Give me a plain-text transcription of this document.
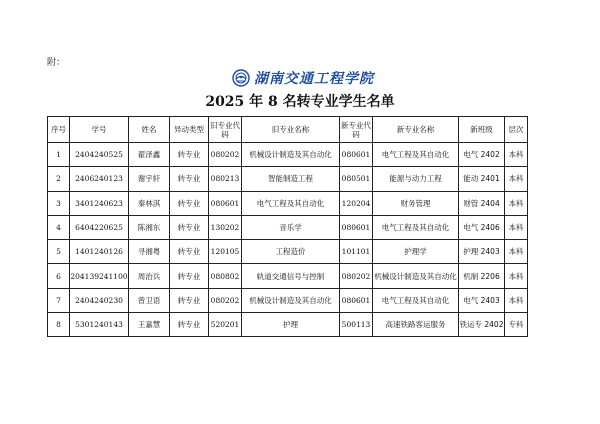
附：
湖南交通工程学院
2025 年 8 名转专业学生名单
序号	学号	姓名	异动类型	旧专业代码	旧专业名称	新专业代码	新专业名称	新班级	层次
1	2404240525	翟泽鑫	转专业	080202	机械设计制造及其自动化	080601	电气工程及其自动化	电气 2402	本科
2	2406240123	谢宇轩	转专业	080213	智能制造工程	080501	能源与动力工程	能动 2401	本科
3	3401240623	秦林淇	转专业	080601	电气工程及其自动化	120204	财务管理	财管 2404	本科
4	6404220625	陈湘东	转专业	130202	音乐学	080601	电气工程及其自动化	电气 2406	本科
5	1401240126	寻湘粤	转专业	120105	工程造价	101101	护理学	护理 2403	本科
6	204139241100	周治兵	转专业	080802	轨道交通信号与控制	080202	机械设计制造及其自动化	机制 2206	本科
7	2404240230	曾卫语	转专业	080202	机械设计制造及其自动化	080601	电气工程及其自动化	电气 2403	本科
8	5301240143	王嘉慧	转专业	520201	护理	500113	高速铁路客运服务	铁运专 2402	专科
